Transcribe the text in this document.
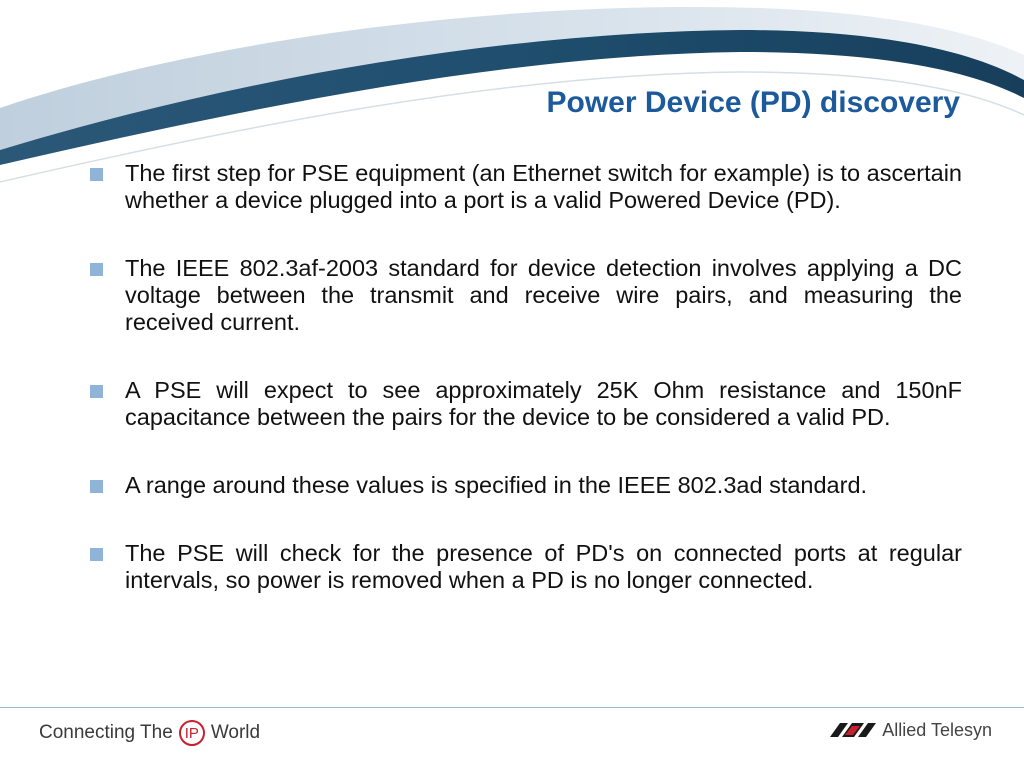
Power Device (PD) discovery
The first step for PSE equipment (an Ethernet switch for example) is to ascertain whether a device plugged into a port is a valid Powered Device (PD).
The IEEE 802.3af-2003 standard for device detection involves applying a DC voltage between the transmit and receive wire pairs, and measuring the received current.
A PSE will expect to see approximately 25K Ohm resistance and 150nF capacitance between the pairs for the device to be considered a valid PD.
A range around these values is specified in the IEEE 802.3ad standard.
The PSE will check for the presence of PD's on connected ports at regular intervals, so power is removed when a PD is no longer connected.
Connecting The IP World	Allied Telesyn
